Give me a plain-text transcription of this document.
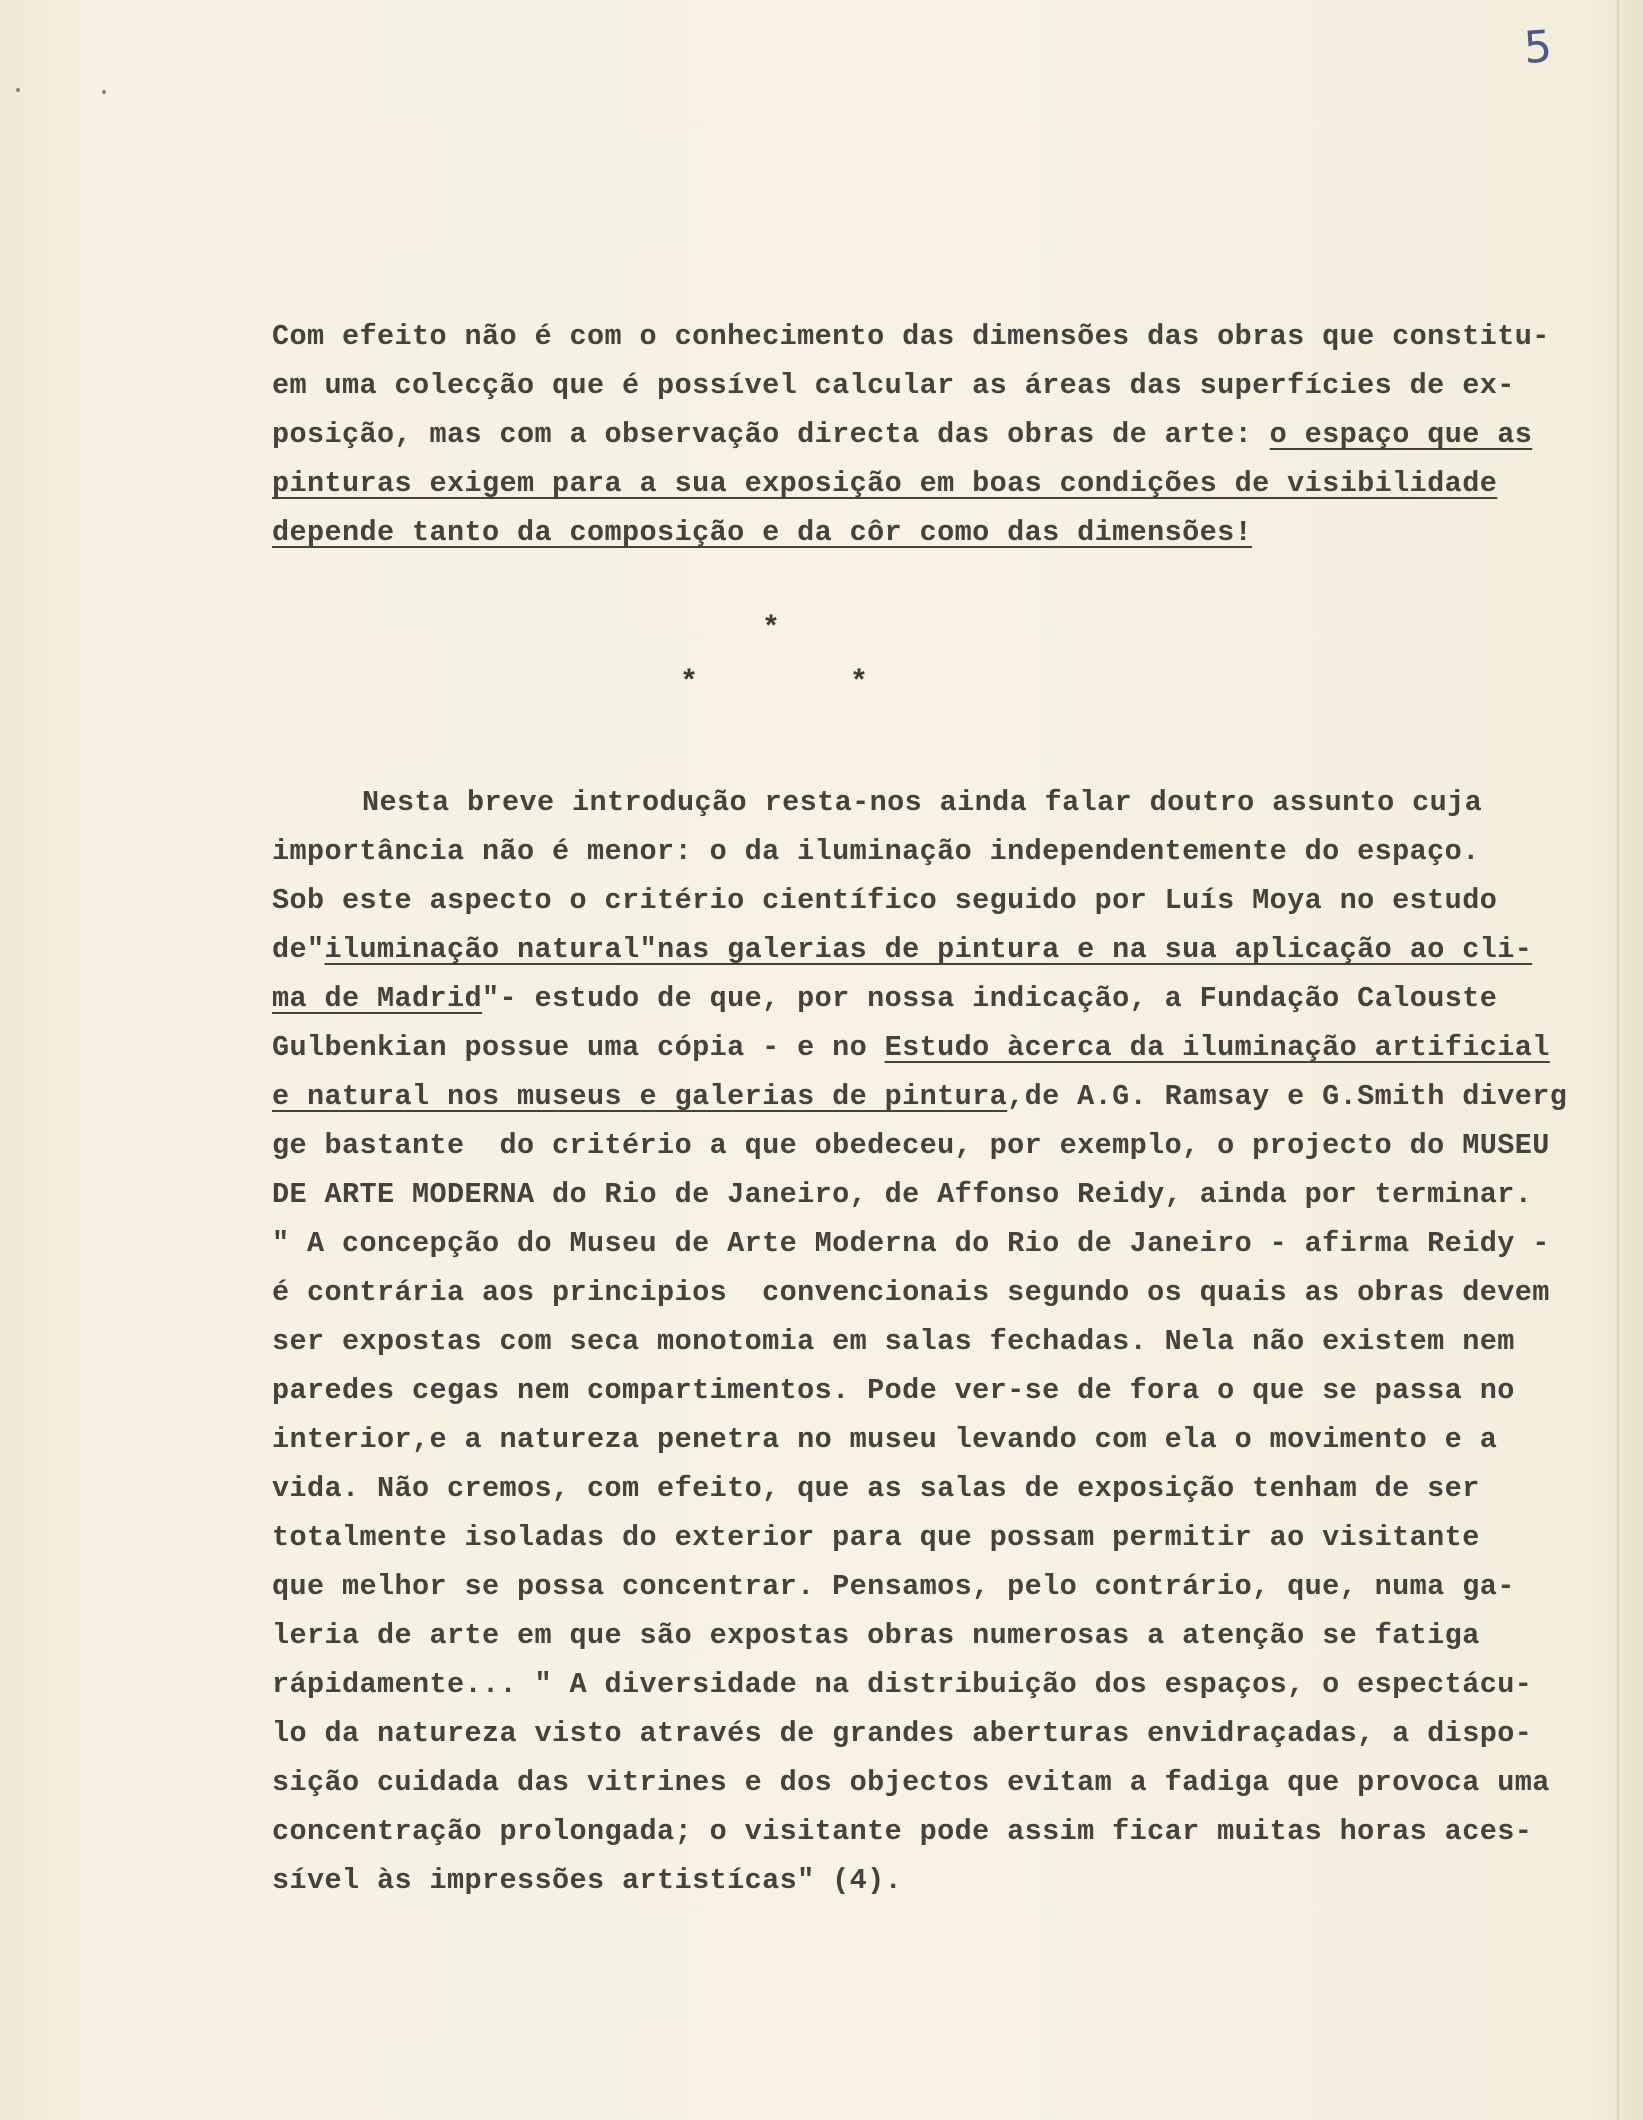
5
Com efeito não é com o conhecimento das dimensões das obras que constitu-
em uma colecção que é possível calcular as áreas das superfícies de ex-
posição, mas com a observação directa das obras de arte: o espaço que as
pinturas exigem para a sua exposição em boas condições de visibilidade
depende tanto da composição e da côr como das dimensões!
*
*	*
Nesta breve introdução resta-nos ainda falar doutro assunto cuja
importância não é menor: o da iluminação independentemente do espaço.
Sob este aspecto o critério científico seguido por Luís Moya no estudo
de"iluminação natural"nas galerias de pintura e na sua aplicação ao cli-
ma de Madrid"- estudo de que, por nossa indicação, a Fundação Calouste
Gulbenkian possue uma cópia - e no Estudo àcerca da iluminação artificial
e natural nos museus e galerias de pintura,de A.G. Ramsay e G.Smith diverg
ge bastante  do critério a que obedeceu, por exemplo, o projecto do MUSEU
DE ARTE MODERNA do Rio de Janeiro, de Affonso Reidy, ainda por terminar.
" A concepção do Museu de Arte Moderna do Rio de Janeiro - afirma Reidy -
é contrária aos principios  convencionais segundo os quais as obras devem
ser expostas com seca monotomia em salas fechadas. Nela não existem nem
paredes cegas nem compartimentos. Pode ver-se de fora o que se passa no
interior,e a natureza penetra no museu levando com ela o movimento e a
vida. Não cremos, com efeito, que as salas de exposição tenham de ser
totalmente isoladas do exterior para que possam permitir ao visitante
que melhor se possa concentrar. Pensamos, pelo contrário, que, numa ga-
leria de arte em que são expostas obras numerosas a atenção se fatiga
rápidamente... " A diversidade na distribuição dos espaços, o espectácu-
lo da natureza visto através de grandes aberturas envidraçadas, a dispo-
sição cuidada das vitrines e dos objectos evitam a fadiga que provoca uma
concentração prolongada; o visitante pode assim ficar muitas horas aces-
sível às impressões artistícas" (4).
